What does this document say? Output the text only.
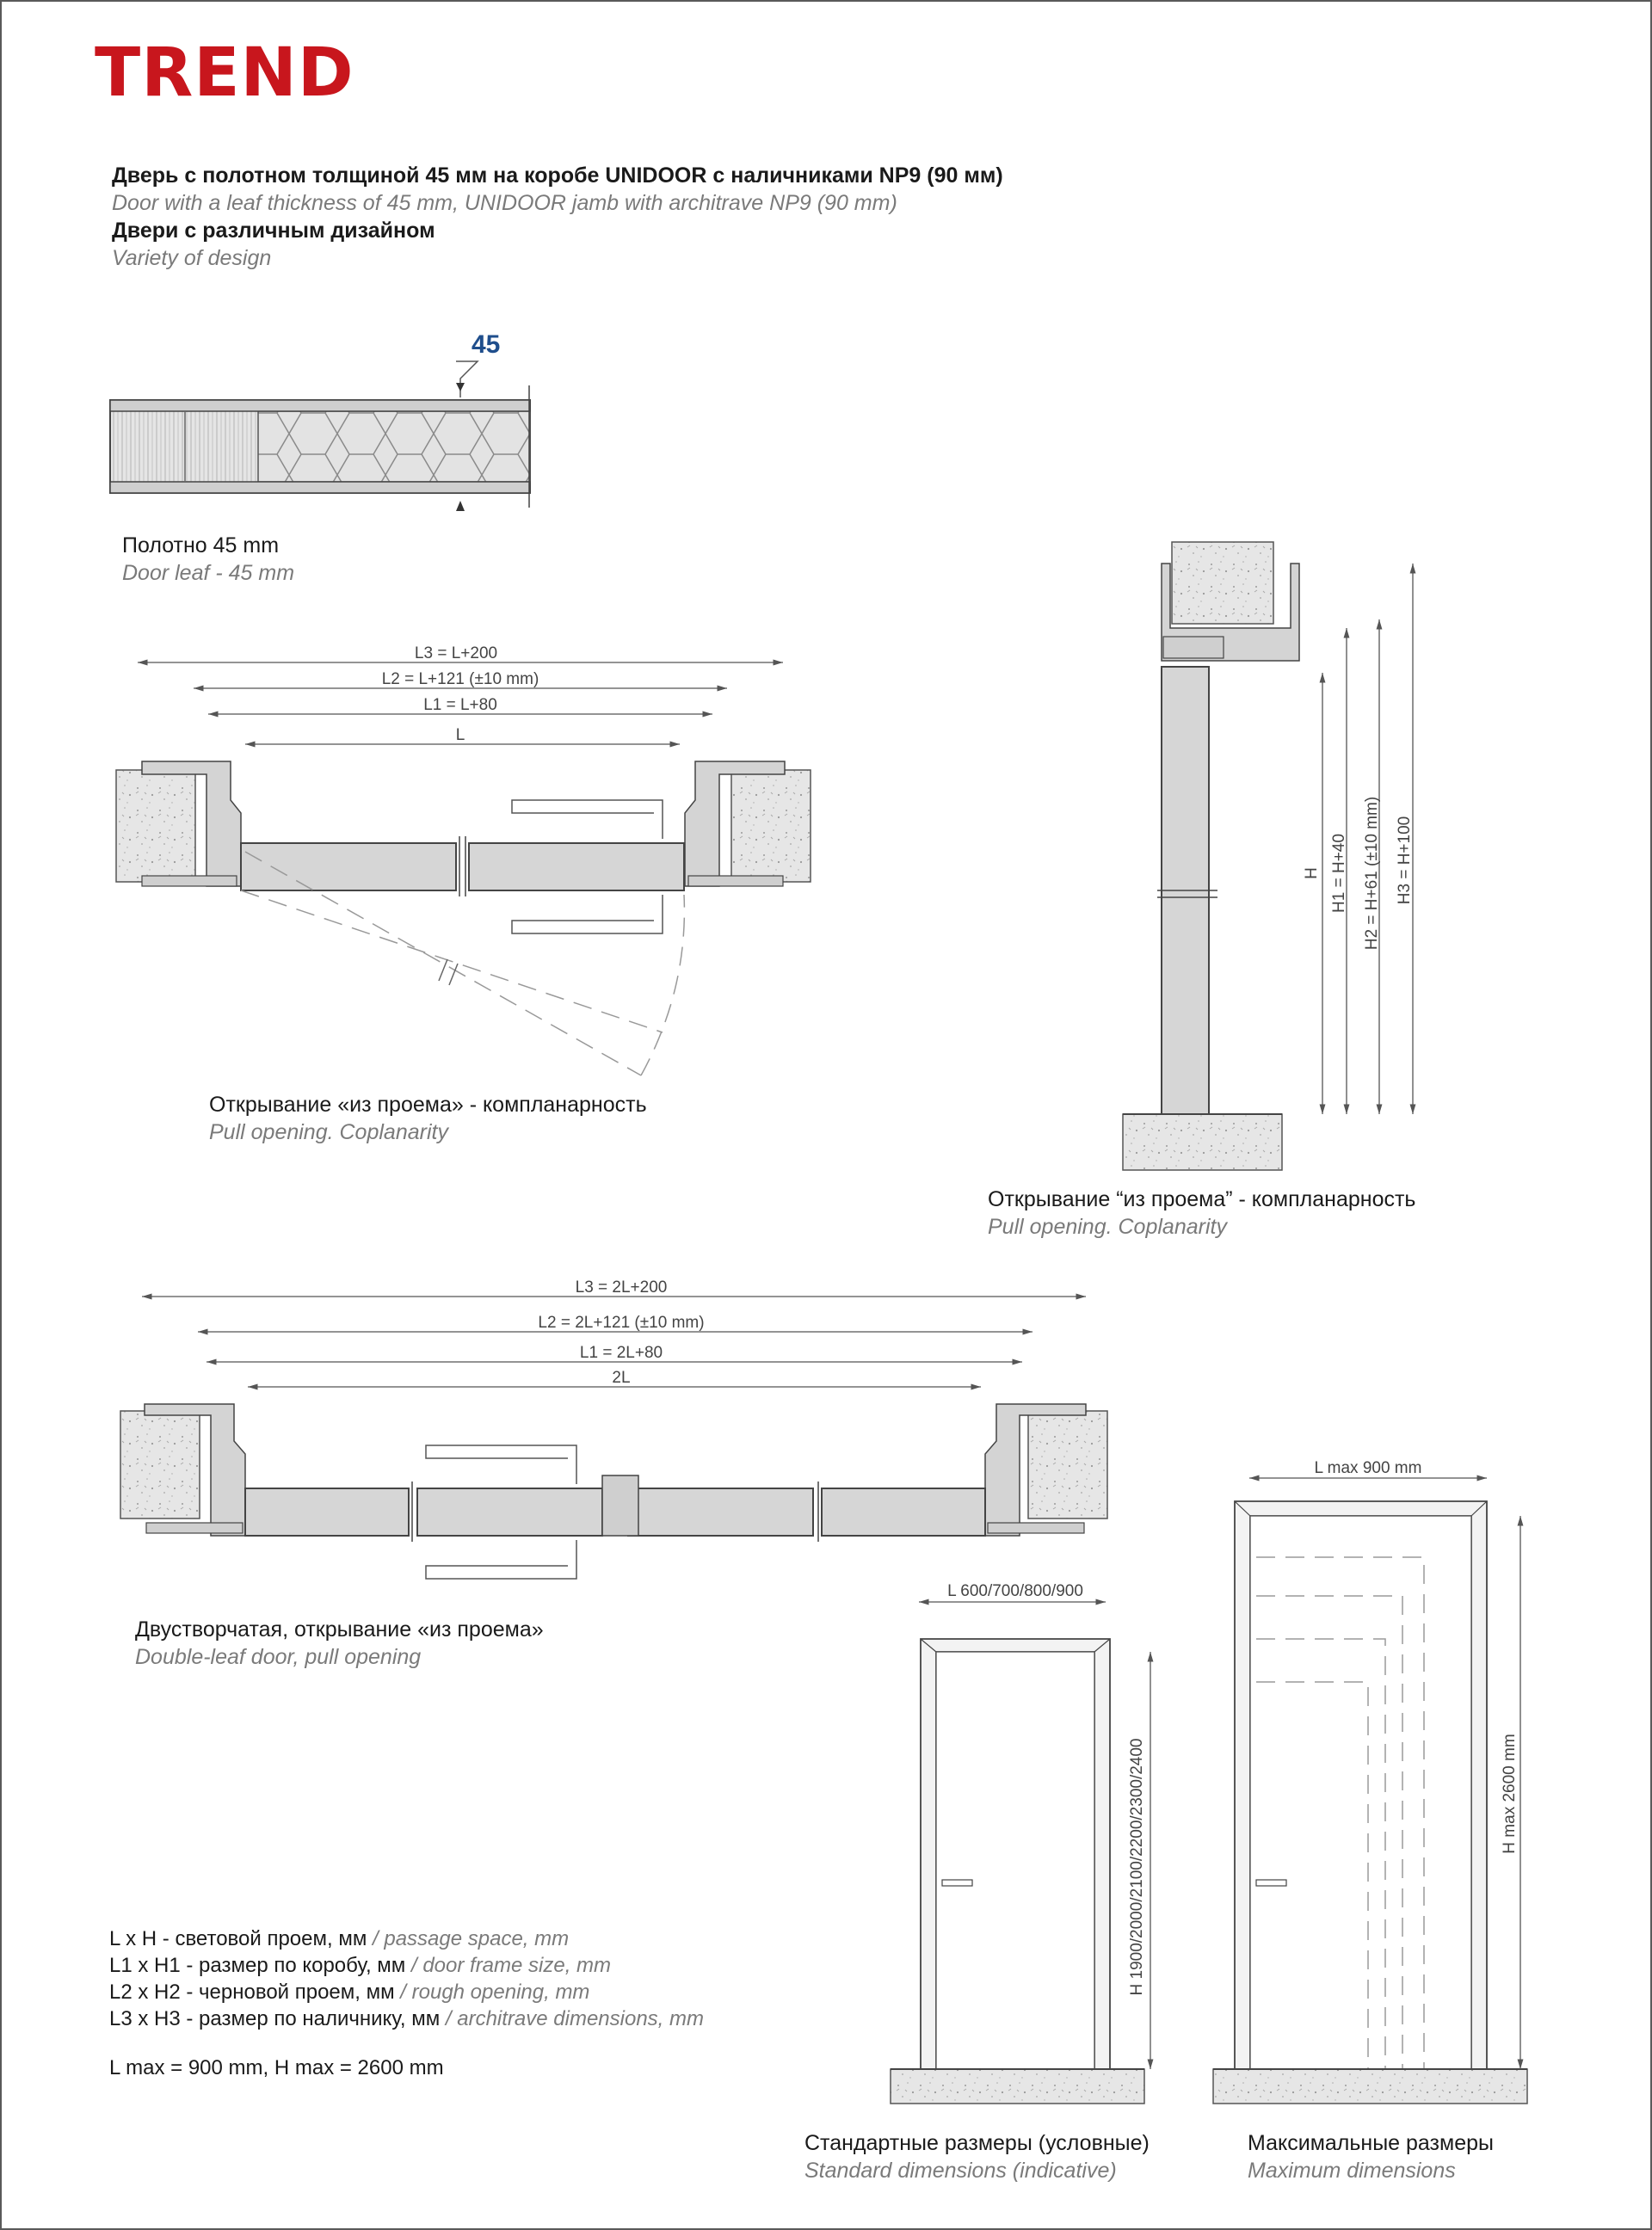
TREND
Дверь с полотном толщиной 45 мм на коробе UNIDOOR с наличниками NP9 (90 мм)
Door with a leaf thickness of 45 mm, UNIDOOR jamb with architrave NP9 (90 mm)
Двери с различным дизайном
Variety of design
45
L3 = L+200
L2 = L+121 (±10 mm)
L1 = L+80
L
H H1 = H+40 H2 = H+61 (±10 mm) H3 = H+100
L3 = 2L+200
L2 = 2L+121 (±10 mm)
L1 = 2L+80
2L
L 600/700/800/900
H 1900/2000/2100/2200/2300/2400
L max 900 mm
H max 2600 mm
Полотно 45 mm
Door leaf - 45 mm
Открывание «из проема» - компланарность
Pull opening. Coplanarity
Открывание “из проема” - компланарность
Pull opening. Coplanarity
Двустворчатая, открывание «из проема»
Double-leaf door, pull opening
L x H - световой проем, мм / passage space, mm
L1 x H1 - размер по коробу, мм / door frame size, mm
L2 x H2 - черновой проем, мм / rough opening, mm
L3 x H3 - размер по наличнику, мм / architrave dimensions, mm
L max = 900 mm, H max = 2600 mm
Стандартные размеры (условные)
Standard dimensions (indicative)
Максимальные размеры
Maximum dimensions
